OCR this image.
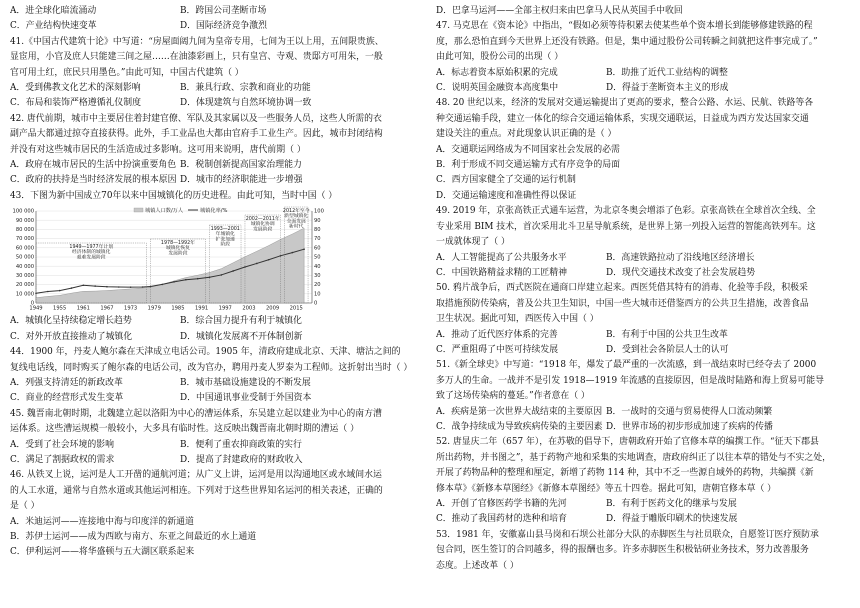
A．进全球化暗流涌动	B．跨国公司垄断市场
C．产业结构快速变革	D．国际经济竞争激烈
41.《中国古代建筑十论》中写道：“房屋面阔九间为皇帝专用，七间为王以上用，五间限贵族、
显宦用，小官及庶人只能建三间之屋……在油漆彩画上，只有皇宫、寺观、贵邸方可用朱，一般
官可用土红，庶民只用墨色。”由此可知，中国古代建筑（ ）
A．受到佛教文化艺术的深刻影响	B．兼具行政、宗教和商业的功能
C．布局和装饰严格遵循礼仪制度	D．体现建筑与自然环境协调一致
42. 唐代前期，城市中主要居住着封建官僚、军队及其家属以及一些服务人员，这些人所需的衣
副产品大都通过掠夺直接获得。此外，手工业品也大都由官府手工业生产。因此，城市封闭结构
并没有对这些城市居民的生活造成过多影响。这可用来说明，唐代前期（ ）
A．政府在城市居民的生活中扮演重要角色 B．税制创新提高国家治理能力
C．政府的扶持是当时经济发展的根本原因 D．城市的经济职能进一步增强
43．下图为新中国成立70年以来中国城镇化的历史进程。由此可知，当时中国（ ）
0
10 000
20 000
30 000
40 000
50 000
60 000
70 000
80 000
90 000
100 000
0
10
20
30
40
50
60
70
80
90
100
1949 1955 1961 1967 1973 1979 1985 1991 1997 2003 2009 2015
城镇人口数/万人	城镇化率/%
1949—1977年计划
经济体制的城镇化
艰难发展阶段
1978—1992年
城镇化恢复
发展阶段
1993—2001
年城镇化
扩张加速
阶段
2002—2011年
城镇化协调
发展阶段
2012年至今
新型城镇化
全面发展
新时代
A．城镇化呈持续稳定增长趋势	B．综合国力提升有利于城镇化
C．对外开放直接推动了城镇化	D．城镇化发展离不开体制创新
44．1900 年，丹麦人鲍尔森在天津成立电话公司。1905 年，清政府建成北京、天津、塘沽之间的
复线电话线，同时购买了鲍尔森的电话公司，改为官办，聘用丹麦人罗泰为工程师。这折射出当时（ ）
A．列强支持清廷的新政改革	B．城市基础设施建设的不断发展
C．商业的经营形式发生变革	D．中国通讯事业受制于外国资本
45. 魏晋南北朝时期，北魏建立起以洛阳为中心的漕运体系，东吴建立起以建业为中心的南方漕
运体系。这些漕运规模一般较小，大多具有临时性。这反映出魏晋南北朝时期的漕运（ ）
A．受到了社会环境的影响	B．便利了重农抑商政策的实行
C．满足了割据政权的需求	D．提高了封建政府的财政收入
46. 从铁叉上说，运河是人工开凿的通航河道；从广义上讲，运河是用以沟通地区或水域间水运
的人工水道，通常与自然水道或其他运河相连。下列对于这些世界知名运河的相关表述，正确的
是（ ）
A．米迪运河——连接地中海与印度洋的新通道
B．苏伊士运河——成为西欧与南方、东亚之间最近的水上通道
C．伊利运河——将华盛顿与五大湖区联系起来
D．巴拿马运河——全部主权归来由巴拿马人民从英国手中收回
47. 马克思在《资本论》中指出，“假如必须等待积累去使某些单个资本增长到能够修建铁路的程
度，那么恐怕直到今天世界上还没有铁路。但是，集中通过股份公司转瞬之间就把这件事完成了。”
由此可知，股份公司的出现（ ）
A．标志着资本原始积累的完成	B．助推了近代工业结构的调整
C．说明英国金融资本高度集中	D．得益于垄断资本主义的形成
48. 20 世纪以来，经济的发展对交通运输提出了更高的要求，整合公路、水运、民航、铁路等各
种交通运输手段，建立一体化的综合交通运输体系，实现交通联运，日益成为西方发达国家交通
建设关注的重点。对此现象认识正确的是（ ）
A．交通联运网络成为不同国家社会发展的必需
B．利于形成不同交通运输方式有序竞争的局面
C．西方国家健全了交通的运行机制
D．交通运输速度和准确性得以保证
49. 2019 年，京张高铁正式通车运营，为北京冬奥会增添了色彩。京张高铁在全球首次全线、全
专业采用 BIM 技术，首次采用北斗卫星导航系统，是世界上第一列投入运营的智能高铁列车。这
一成就体现了（ ）
A．人工智能提高了公共服务水平	B．高速铁路拉动了沿线地区经济增长
C．中国铁路精益求精的工匠精神	D．现代交通技术改变了社会发展趋势
50. 鸦片战争后，西式医院在通商口岸建立起来。西医凭借其特有的消毒、化验等手段，积极采
取措施预防传染病，普及公共卫生知识，中国一些大城市还借鉴西方的公共卫生措施，改善食品
卫生状况。据此可知，西医传入中国（ ）
A．推动了近代医疗体系的完善	B．有利于中国的公共卫生改革
C．严重阻碍了中医可持续发展	D．受到社会各阶层人士的认可
51.《新全球史》中写道：“1918 年，爆发了最严重的一次流感，到一战结束时已经夺去了 2000
多万人的生命。一战并不是引发 1918—1919 年流感的直接原因，但是战时陆路和海上贸易可能导
致了这场传染病的蔓延。”作者意在（ ）
A．疾病是第一次世界大战结束的主要原因 B．一战时的交通与贸易使得人口流动频繁
C．战争持续成为导致疾病传染的主要因素 D．世界市场的初步形成加速了疾病的传播
52. 唐显庆二年（657 年），在苏敬的倡导下，唐朝政府开始了官修本草的编撰工作。“征天下郡县
所出药物，并书图之”，基于药物产地和采集的实地调查，唐政府纠正了以往本草的错处与不实之处，
开展了药物品种的整理和厘定，新增了药物 114 种，其中不乏一些源自域外的药物，共编撰《新
修本草》《新修本草图经》《新修本草图经》等五十四卷。据此可知，唐朝官修本草（ ）
A．开创了官修医药学书籍的先河	B．有利于医药文化的继承与发展
C．推动了我国药材的选种和培育	D．得益于雕版印刷术的快速发展
53．1981 年，安徽嘉山县马岗和石坝公社部分大队的赤脚医生与社员联众，自愿签订医疗预防承
包合同，医生签订的合同越多，得的报酬也多。许多赤脚医生积极钻研业务技术，努力改善服务
态度。上述改革（ ）
